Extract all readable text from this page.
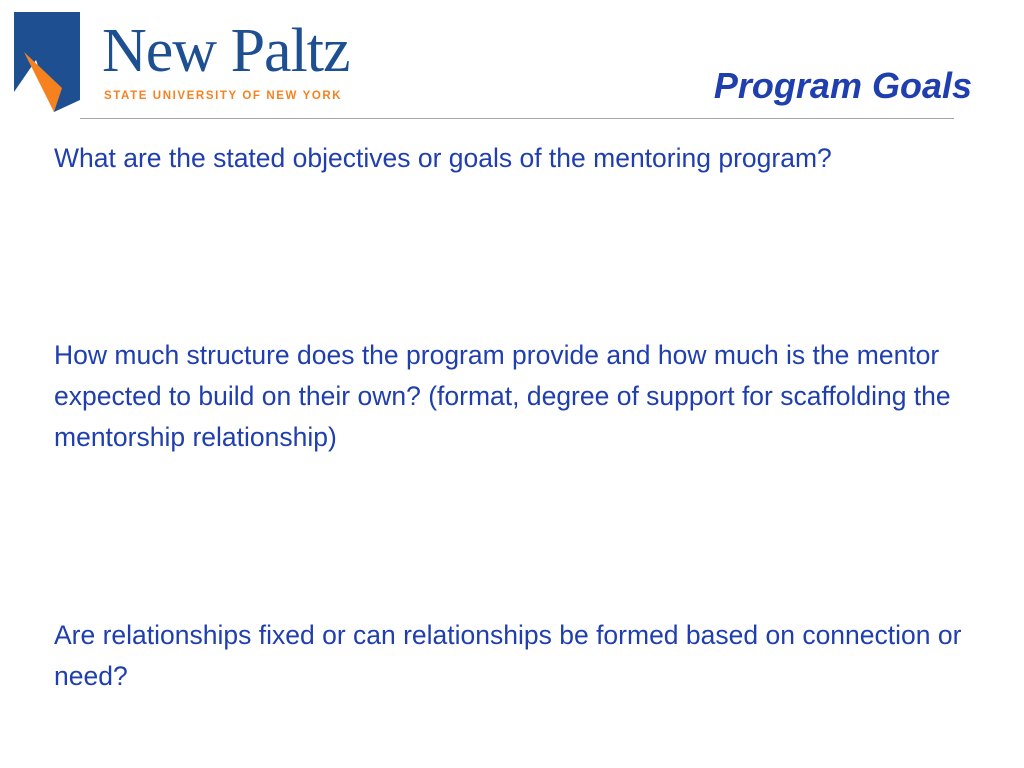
New Paltz
STATE UNIVERSITY OF NEW YORK	Program Goals

What are the stated objectives or goals of the mentoring program?

How much structure does the program provide and how much is the mentor expected to build on their own? (format, degree of support for scaffolding the mentorship relationship)

Are relationships fixed or can relationships be formed based on connection or need?
